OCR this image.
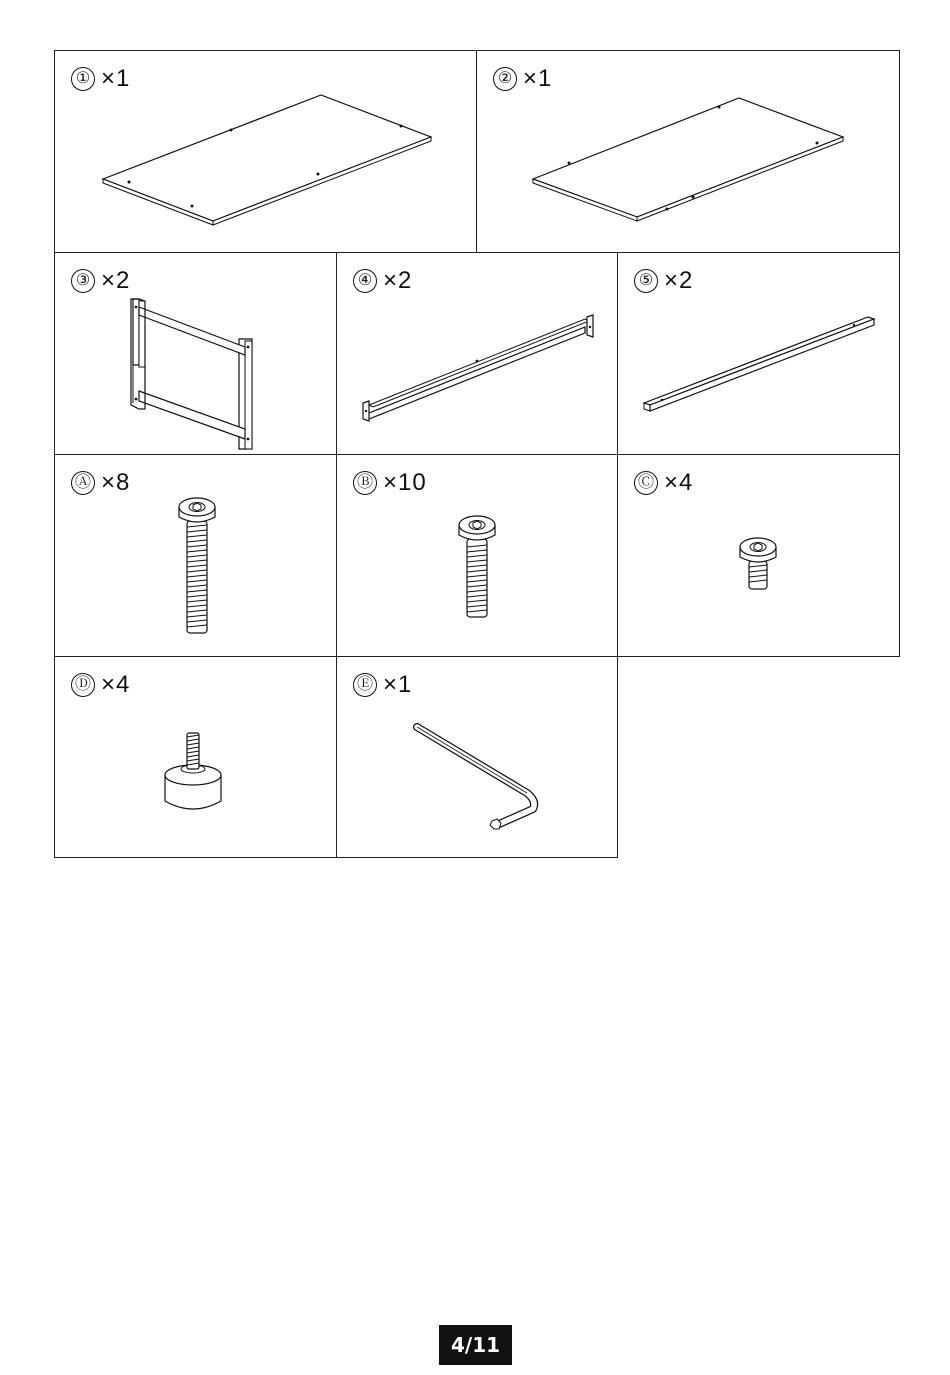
① ×1	② ×1
③ ×2	④ ×2	⑤ ×2
Ⓐ ×8	Ⓑ ×10	Ⓒ ×4
Ⓓ ×4	Ⓔ ×1
4/11
